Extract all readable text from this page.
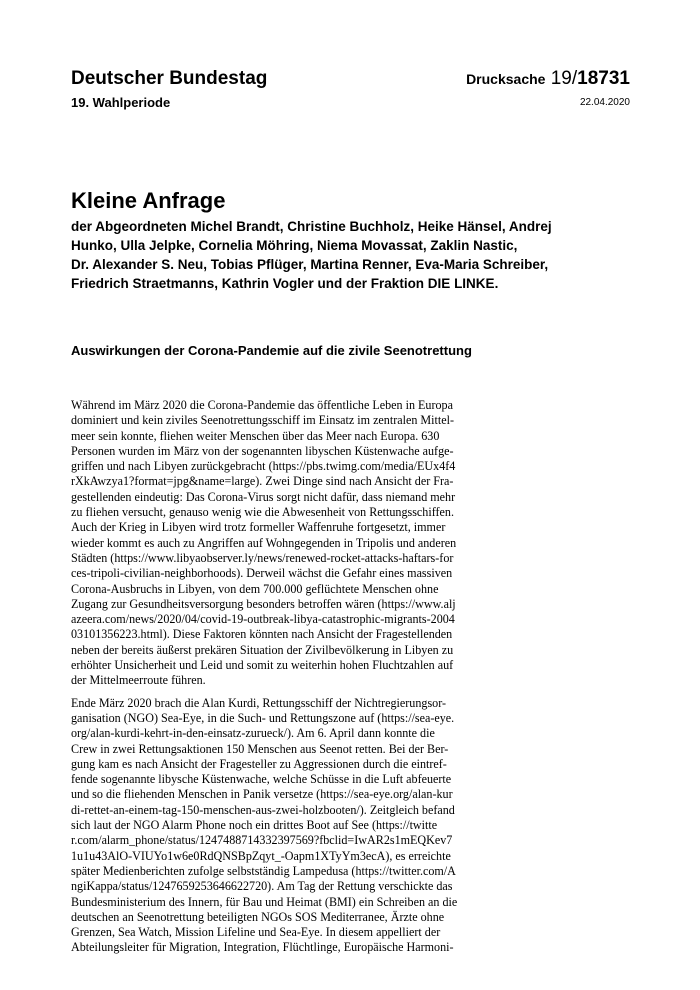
Deutscher Bundestag
19. Wahlperiode
Drucksache 19/18731
22.04.2020
Kleine Anfrage
der Abgeordneten Michel Brandt, Christine Buchholz, Heike Hänsel, Andrej
Hunko, Ulla Jelpke, Cornelia Möhring, Niema Movassat, Zaklin Nastic,
Dr. Alexander S. Neu, Tobias Pflüger, Martina Renner, Eva-Maria Schreiber,
Friedrich Straetmanns, Kathrin Vogler und der Fraktion DIE LINKE.
Auswirkungen der Corona-Pandemie auf die zivile Seenotrettung
Während im März 2020 die Corona-Pandemie das öffentliche Leben in Europa
dominiert und kein ziviles Seenotrettungsschiff im Einsatz im zentralen Mittel-
meer sein konnte, fliehen weiter Menschen über das Meer nach Europa. 630
Personen wurden im März von der sogenannten libyschen Küstenwache aufge-
griffen und nach Libyen zurückgebracht (https://pbs.twimg.com/media/EUx4f4
rXkAwzya1?format=jpg&name=large). Zwei Dinge sind nach Ansicht der Fra-
gestellenden eindeutig: Das Corona-Virus sorgt nicht dafür, dass niemand mehr
zu fliehen versucht, genauso wenig wie die Abwesenheit von Rettungsschiffen.
Auch der Krieg in Libyen wird trotz formeller Waffenruhe fortgesetzt, immer
wieder kommt es auch zu Angriffen auf Wohngegenden in Tripolis und anderen
Städten (https://www.libyaobserver.ly/news/renewed-rocket-attacks-haftars-for
ces-tripoli-civilian-neighborhoods). Derweil wächst die Gefahr eines massiven
Corona-Ausbruchs in Libyen, von dem 700.000 geflüchtete Menschen ohne
Zugang zur Gesundheitsversorgung besonders betroffen wären (https://www.alj
azeera.com/news/2020/04/covid-19-outbreak-libya-catastrophic-migrants-2004
03101356223.html). Diese Faktoren könnten nach Ansicht der Fragestellenden
neben der bereits äußerst prekären Situation der Zivilbevölkerung in Libyen zu
erhöhter Unsicherheit und Leid und somit zu weiterhin hohen Fluchtzahlen auf
der Mittelmeerroute führen.
Ende März 2020 brach die Alan Kurdi, Rettungsschiff der Nichtregierungsor-
ganisation (NGO) Sea-Eye, in die Such- und Rettungszone auf (https://sea-eye.
org/alan-kurdi-kehrt-in-den-einsatz-zurueck/). Am 6. April dann konnte die
Crew in zwei Rettungsaktionen 150 Menschen aus Seenot retten. Bei der Ber-
gung kam es nach Ansicht der Fragesteller zu Aggressionen durch die eintref-
fende sogenannte libysche Küstenwache, welche Schüsse in die Luft abfeuerte
und so die fliehenden Menschen in Panik versetze (https://sea-eye.org/alan-kur
di-rettet-an-einem-tag-150-menschen-aus-zwei-holzbooten/). Zeitgleich befand
sich laut der NGO Alarm Phone noch ein drittes Boot auf See (https://twitte
r.com/alarm_phone/status/1247488714332397569?fbclid=IwAR2s1mEQKev7
1u1u43AlO-VIUYo1w6e0RdQNSBpZqyt_-Oapm1XTyYm3ecA), es erreichte
später Medienberichten zufolge selbstständig Lampedusa (https://twitter.com/A
ngiKappa/status/1247659253646622720). Am Tag der Rettung verschickte das
Bundesministerium des Innern, für Bau und Heimat (BMI) ein Schreiben an die
deutschen an Seenotrettung beteiligten NGOs SOS Mediterranee, Ärzte ohne
Grenzen, Sea Watch, Mission Lifeline und Sea-Eye. In diesem appelliert der
Abteilungsleiter für Migration, Integration, Flüchtlinge, Europäische Harmoni-
